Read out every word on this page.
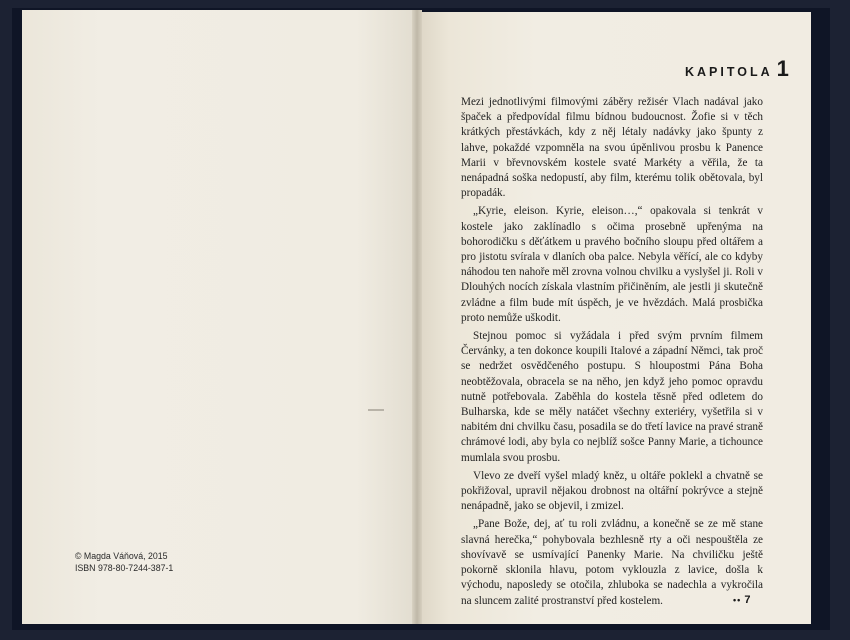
© Magda Váňová, 2015
ISBN 978-80-7244-387-1
KAPITOLA 1

Mezi jednotlivými filmovými záběry režisér Vlach nadával jako špaček a předpovídal filmu bídnou budoucnost. Žofie si v těch krátkých přestávkách, kdy z něj létaly nadávky jako špunty z lahve, pokaždé vzpomněla na svou úpěnlivou prosbu k Panence Marii v břevnovském kostele svaté Markéty a věřila, že ta nenápadná soška nedopustí, aby film, kterému tolik obětovala, byl propadák.

„Kyrie, eleison. Kyrie, eleison…,“ opakovala si tenkrát v kostele jako zaklínadlo s očima prosebně upřenýma na bohorodičku s děťátkem u pravého bočního sloupu před oltářem a pro jistotu svírala v dlaních oba palce. Nebyla věřící, ale co kdyby náhodou ten nahoře měl zrovna volnou chvilku a vyslyšel ji. Roli v Dlouhých nocích získala vlastním přičiněním, ale jestli ji skutečně zvládne a film bude mít úspěch, je ve hvězdách. Malá prosbička proto nemůže uškodit.

Stejnou pomoc si vyžádala i před svým prvním filmem Červánky, a ten dokonce koupili Italové a západní Němci, tak proč se nedržet osvědčeného postupu. S hloupostmi Pána Boha neobtěžovala, obracela se na něho, jen když jeho pomoc opravdu nutně potřebovala. Zaběhla do kostela těsně před odletem do Bulharska, kde se měly natáčet všechny exteriéry, vyšetřila si v nabitém dni chvilku času, posadila se do třetí lavice na pravé straně chrámové lodi, aby byla co nejblíž sošce Panny Marie, a tichounce mumlala svou prosbu.

Vlevo ze dveří vyšel mladý kněz, u oltáře poklekl a chvatně se pokřižoval, upravil nějakou drobnost na oltářní pokrývce a stejně nenápadně, jako se objevil, i zmizel.

„Pane Bože, dej, ať tu roli zvládnu, a konečně se ze mě stane slavná herečka,“ pohybovala bezhlesně rty a oči nespouštěla ze shovívavě se usmívající Panenky Marie. Na chviličku ještě pokorně sklonila hlavu, potom vyklouzla z lavice, došla k východu, naposledy se otočila, zhluboka se nadechla a vykročila na sluncem zalité prostranství před kostelem.	•• 7
